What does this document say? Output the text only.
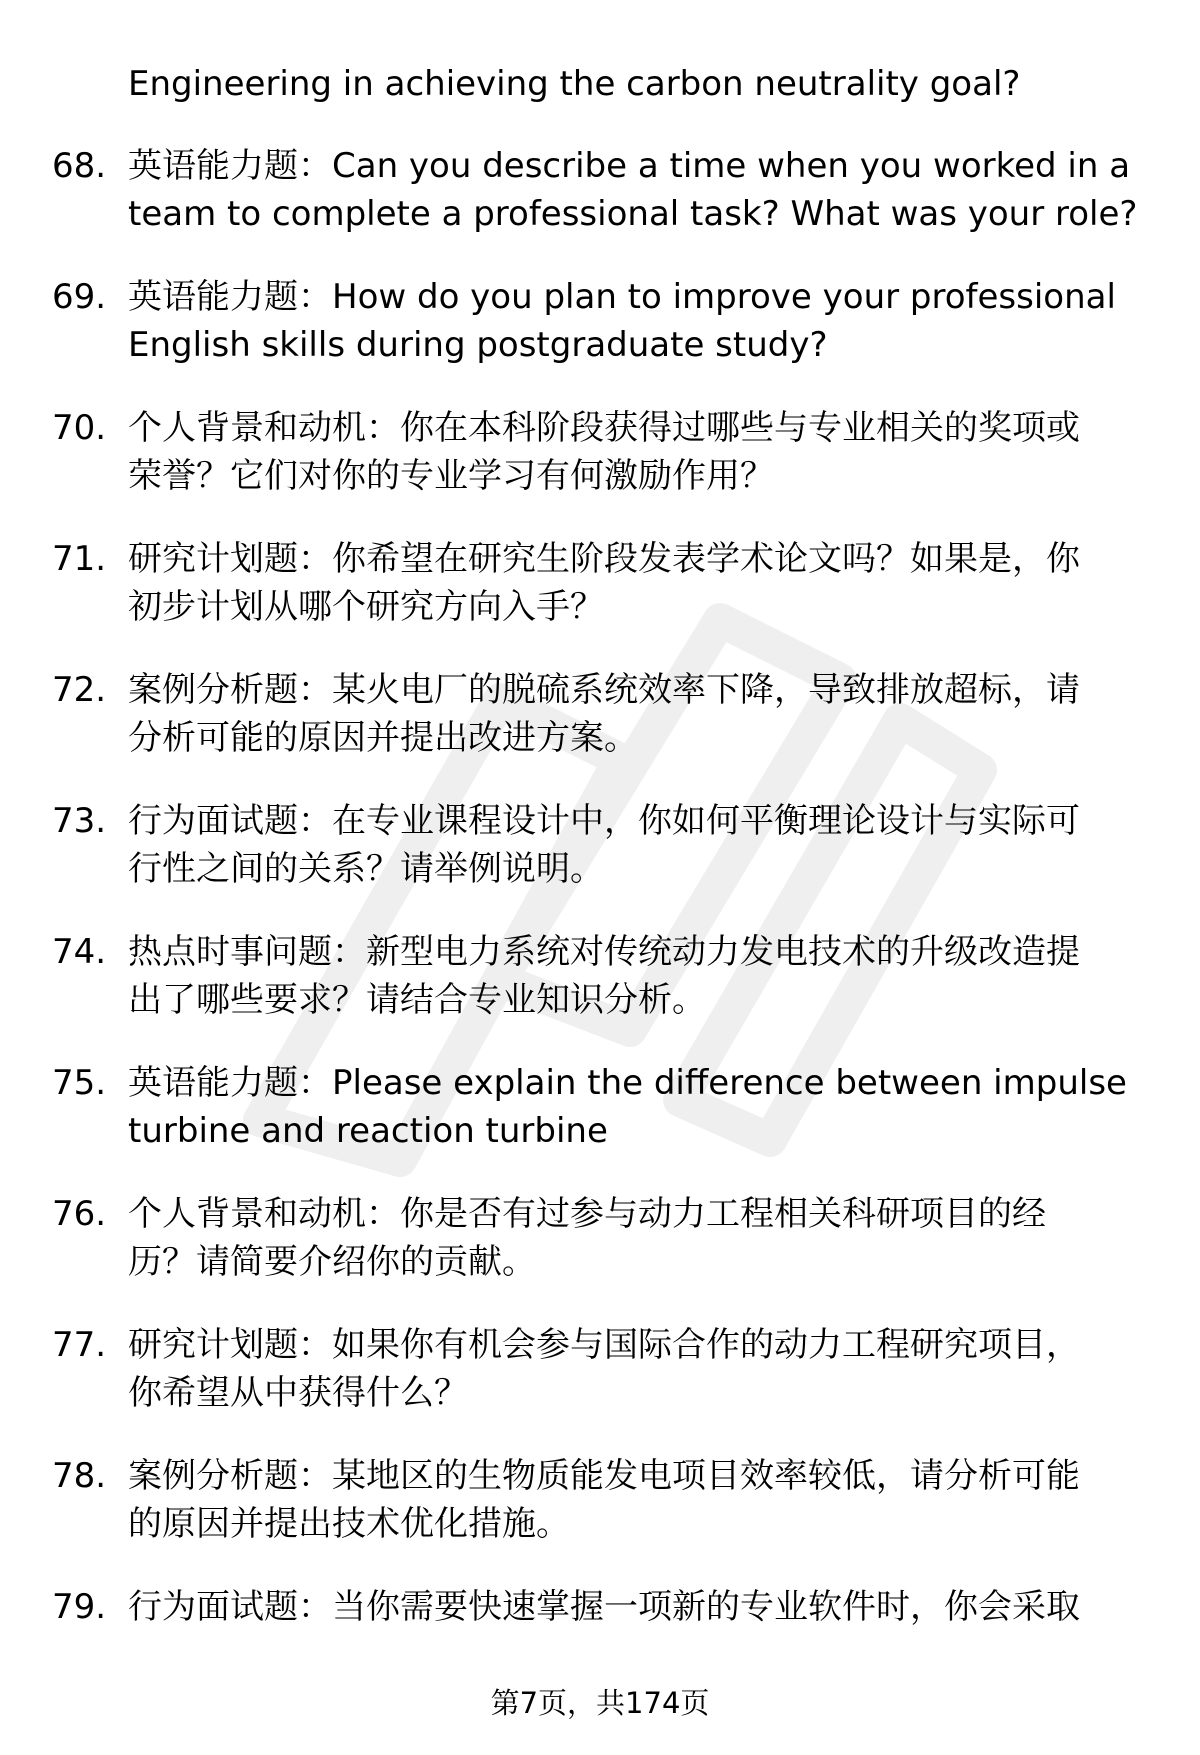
Engineering in achieving the carbon neutrality goal?
68. 英语能力题：Can you describe a time when you worked in a
team to complete a professional task? What was your role?
69. 英语能力题：How do you plan to improve your professional
English skills during postgraduate study?
70. 个人背景和动机：你在本科阶段获得过哪些与专业相关的奖项或
荣誉？它们对你的专业学习有何激励作用？
71. 研究计划题：你希望在研究生阶段发表学术论文吗？如果是，你
初步计划从哪个研究方向入手？
72. 案例分析题：某火电厂的脱硫系统效率下降，导致排放超标，请
分析可能的原因并提出改进方案。
73. 行为面试题：在专业课程设计中，你如何平衡理论设计与实际可
行性之间的关系？请举例说明。
74. 热点时事问题：新型电力系统对传统动力发电技术的升级改造提
出了哪些要求？请结合专业知识分析。
75. 英语能力题：Please explain the difference between impulse
turbine and reaction turbine
76. 个人背景和动机：你是否有过参与动力工程相关科研项目的经
历？请简要介绍你的贡献。
77. 研究计划题：如果你有机会参与国际合作的动力工程研究项目，
你希望从中获得什么？
78. 案例分析题：某地区的生物质能发电项目效率较低，请分析可能
的原因并提出技术优化措施。
79. 行为面试题：当你需要快速掌握一项新的专业软件时，你会采取
第7页，共174页
